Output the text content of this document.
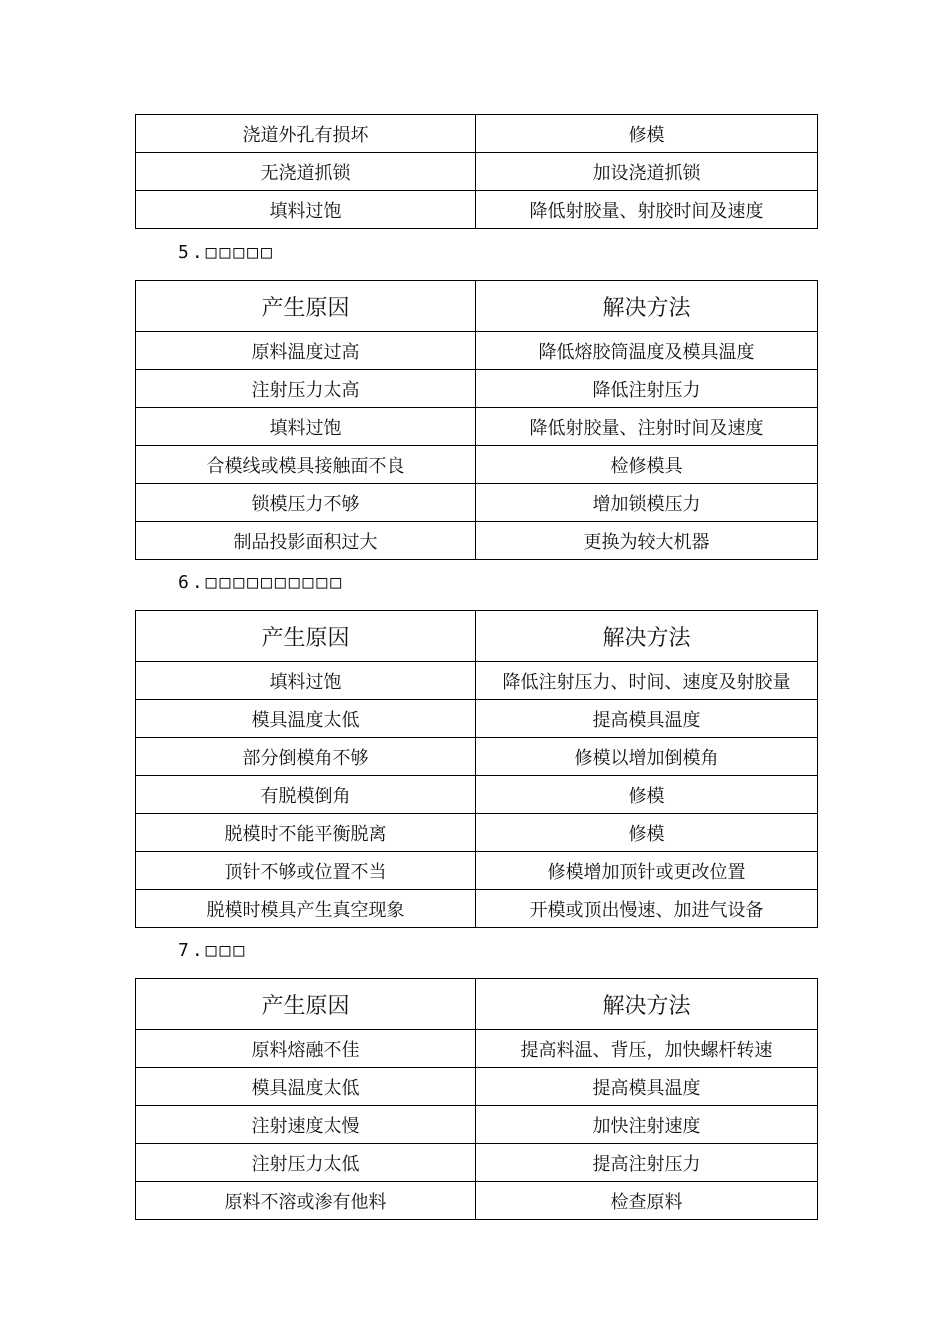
浇道外孔有损坏	修模
无浇道抓锁	加设浇道抓锁
填料过饱	降低射胶量、射胶时间及速度
5.□□□□□
产生原因	解决方法
原料温度过高	降低熔胶筒温度及模具温度
注射压力太高	降低注射压力
填料过饱	降低射胶量、注射时间及速度
合模线或模具接触面不良	检修模具
锁模压力不够	增加锁模压力
制品投影面积过大	更换为较大机器
6.□□□□□□□□□□
产生原因	解决方法
填料过饱	降低注射压力、时间、速度及射胶量
模具温度太低	提高模具温度
部分倒模角不够	修模以增加倒模角
有脱模倒角	修模
脱模时不能平衡脱离	修模
顶针不够或位置不当	修模增加顶针或更改位置
脱模时模具产生真空现象	开模或顶出慢速、加进气设备
7.□□□
产生原因	解决方法
原料熔融不佳	提高料温、背压，加快螺杆转速
模具温度太低	提高模具温度
注射速度太慢	加快注射速度
注射压力太低	提高注射压力
原料不溶或渗有他料	检查原料
